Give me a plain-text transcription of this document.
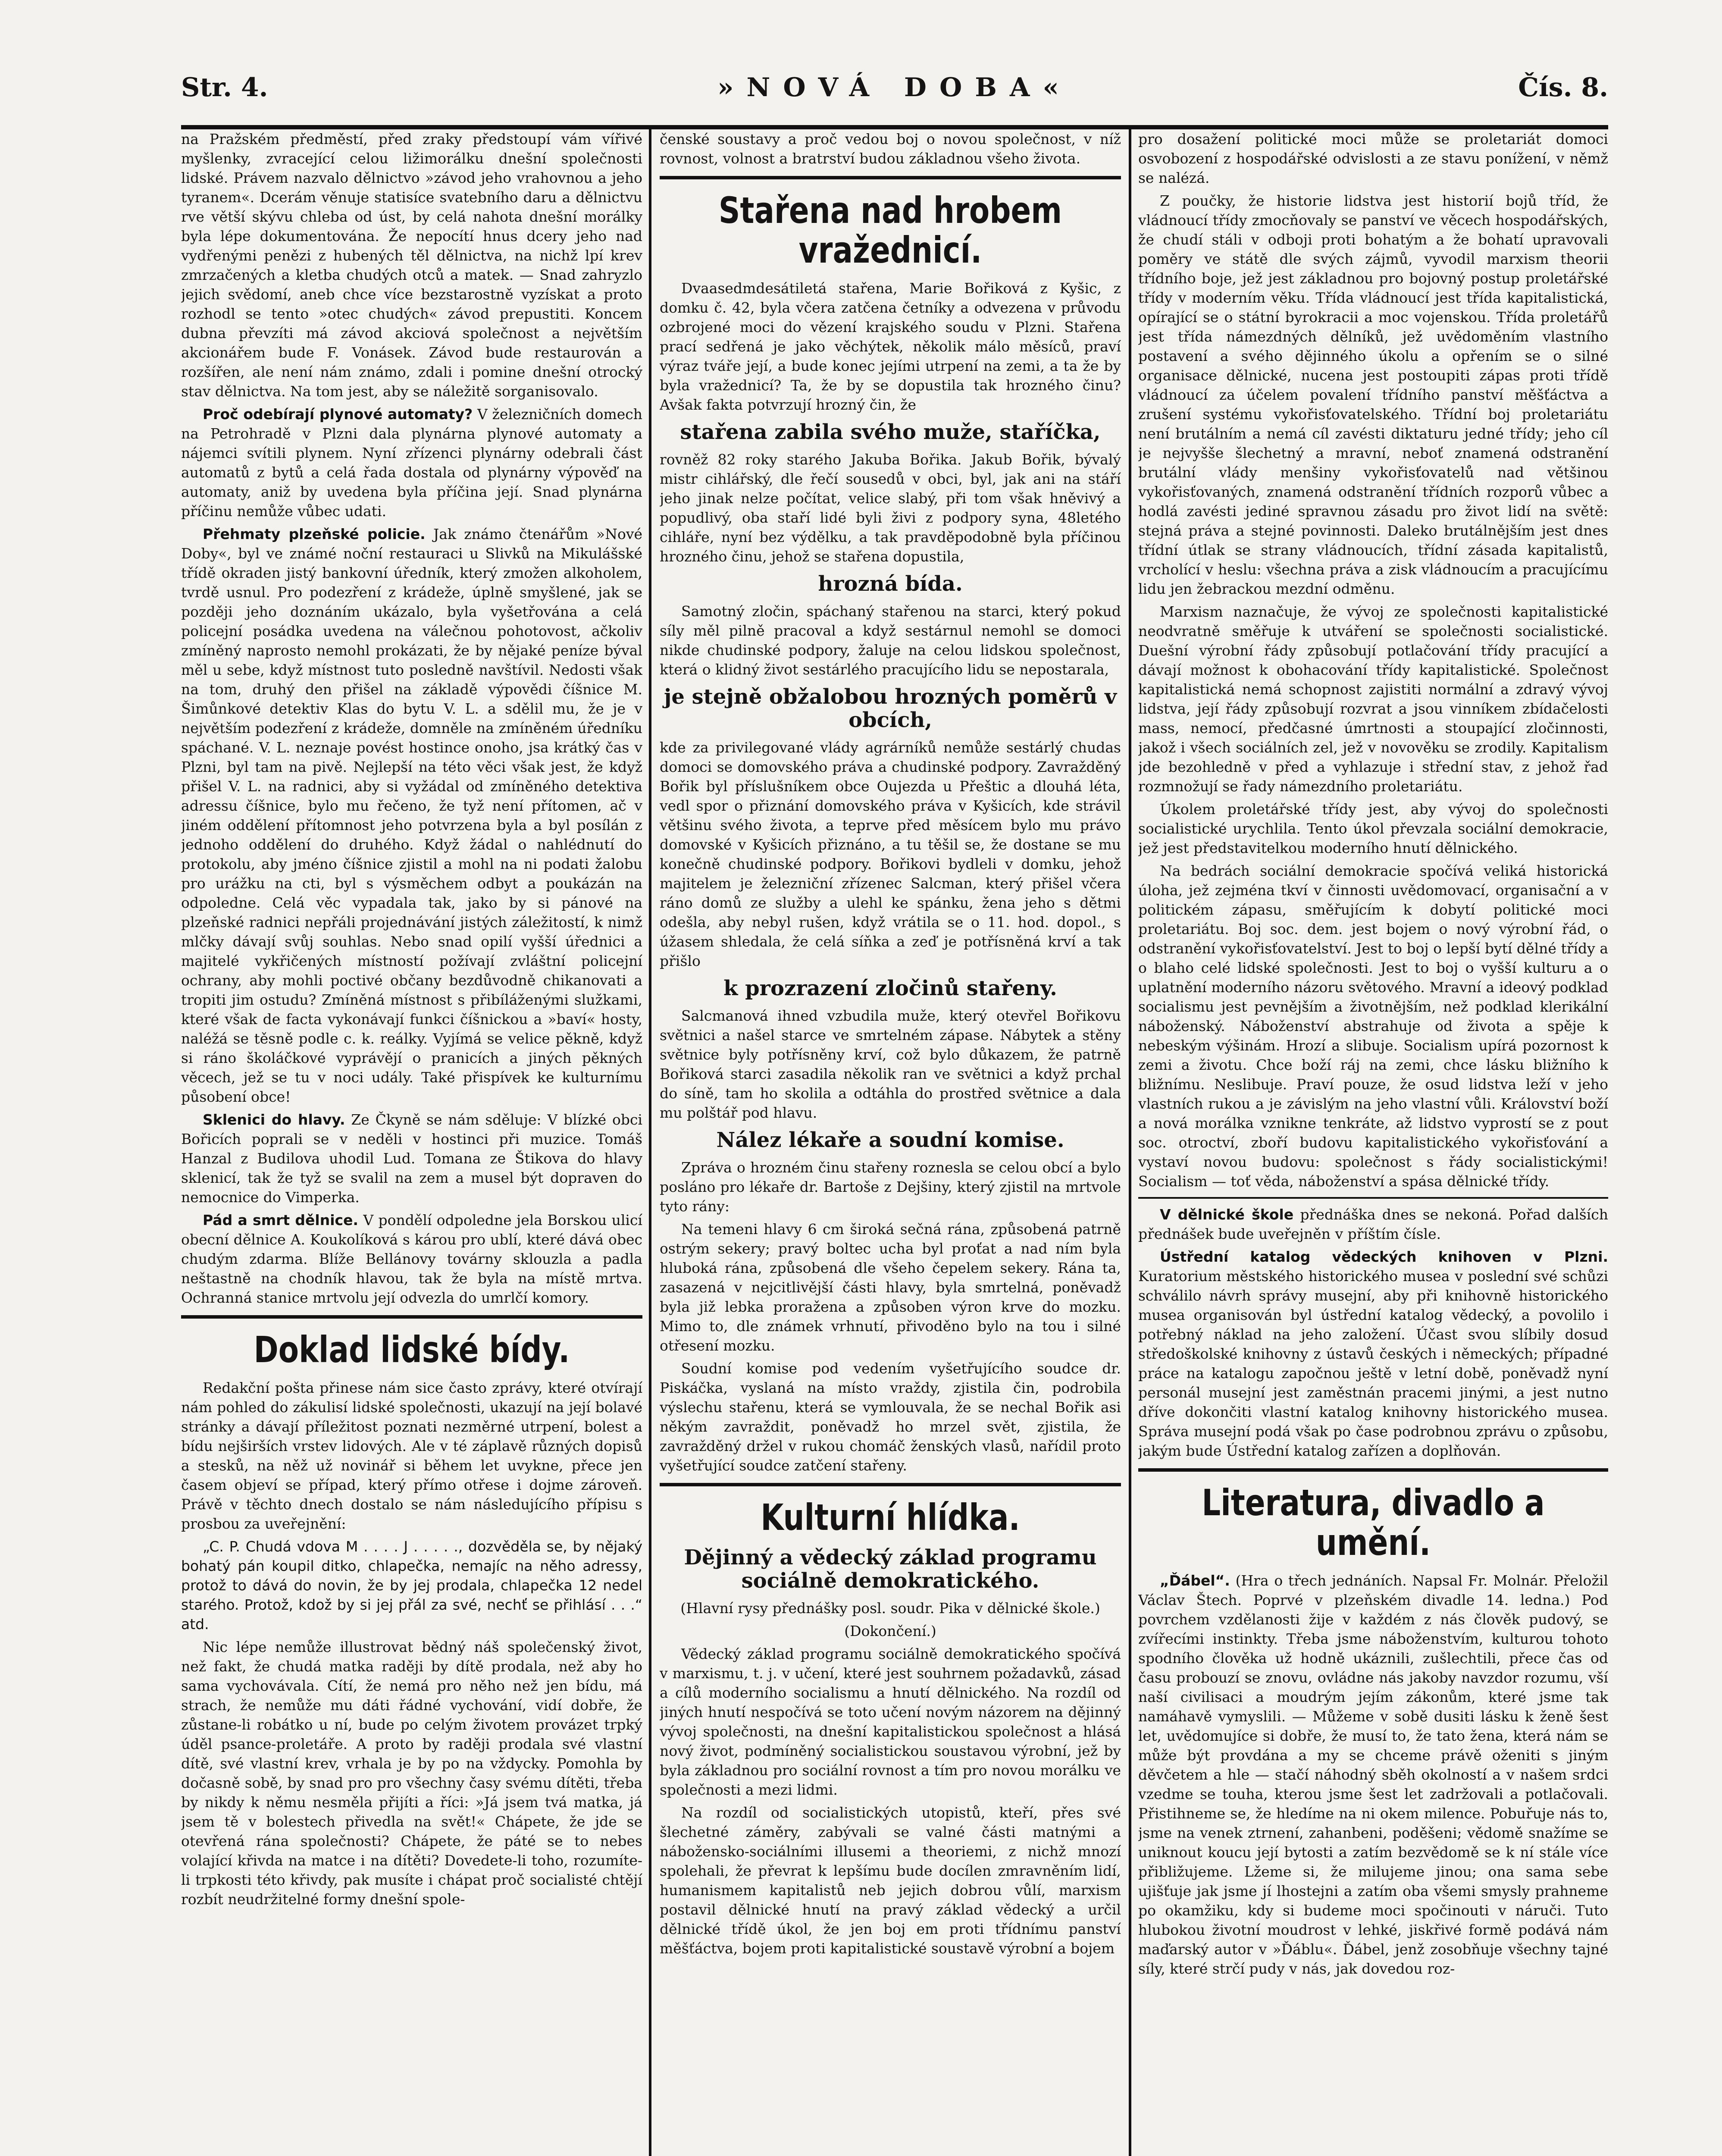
Str. 4.	»NOVÁ DOBA«	Čís. 8.

na Pražském předměstí, před zraky předstoupí vám vířivé myšlenky, zvracející celou ližimorálku dnešní společnosti lidské. Právem nazvalo dělnictvo »závod jeho vrahovnou a jeho tyranem«. Dcerám věnuje statisíce svatebního daru a dělnictvu rve větší skývu chleba od úst, by celá nahota dnešní morálky byla lépe dokumentována. Že nepocítí hnus dcery jeho nad vydřenými penězi z hubených těl dělnictva, na nichž lpí krev zmrzačených a kletba chudých otců a matek. — Snad zahryzlo jejich svědomí, aneb chce více bezstarostně vyzískat a proto rozhodl se tento »otec chudých« závod prepustiti. Koncem dubna převzíti má závod akciová společnost a největším akcionářem bude F. Vonásek. Závod bude restaurován a rozšířen, ale není nám známo, zdali i pomine dnešní otrocký stav dělnictva. Na tom jest, aby se náležitě sorganisovalo.

Proč odebírají plynové automaty? V železničních domech na Petrohradě v Plzni dala plynárna plynové automaty a nájemci svítili plynem. Nyní zřízenci plynárny odebrali část automatů z bytů a celá řada dostala od plynárny výpověď na automaty, aniž by uvedena byla příčina její. Snad plynárna příčinu nemůže vůbec udati.

Přehmaty plzeňské policie. Jak známo čtenářům »Nové Doby«, byl ve známé noční restauraci u Slivků na Mikulášské třídě okraden jistý bankovní úředník, který zmožen alkoholem, tvrdě usnul. Pro podezření z krádeže, úplně smyšlené, jak se později jeho doznáním ukázalo, byla vyšetřována a celá policejní posádka uvedena na válečnou pohotovost, ačkoliv zmíněný naprosto nemohl prokázati, že by nějaké peníze býval měl u sebe, když místnost tuto posledně navštívil. Nedosti však na tom, druhý den přišel na základě výpovědi číšnice M. Šimůnkové detektiv Klas do bytu V. L. a sdělil mu, že je v největším podezření z krádeže, domněle na zmíněném úředníku spáchané. V. L. neznaje povést hostince onoho, jsa krátký čas v Plzni, byl tam na pivě. Nejlepší na této věci však jest, že když přišel V. L. na radnici, aby si vyžádal od zmíněného detektiva adressu číšnice, bylo mu řečeno, že tyž není přítomen, ač v jiném oddělení přítomnost jeho potvrzena byla a byl posílán z jednoho oddělení do druhého. Když žádal o nahlédnutí do protokolu, aby jméno číšnice zjistil a mohl na ni podati žalobu pro urážku na cti, byl s výsměchem odbyt a poukázán na odpoledne. Celá věc vypadala tak, jako by si pánové na plzeňské radnici nepřáli projednávání jistých záležitostí, k nimž mlčky dávají svůj souhlas. Nebo snad opilí vyšší úřednici a majitelé vykřičených místností požívají zvláštní policejní ochrany, aby mohli poctivé občany bezdůvodně chikanovati a tropiti jim ostudu? Zmíněná místnost s přibíláženými služkami, které však de facta vykonávají funkci číšnickou a »baví« hosty, naléžá se těsně podle c. k. reálky. Vyjímá se velice pěkně, když si ráno školáčkové vyprávějí o pranicích a jiných pěkných věcech, jež se tu v noci udály. Také přispívek ke kulturnímu působení obce!

Sklenici do hlavy. Ze Čkyně se nám sděluje: V blízké obci Bořicích poprali se v neděli v hostinci při muzice. Tomáš Hanzal z Budilova uhodil Lud. Tomana ze Štikova do hlavy sklenicí, tak že tyž se svalil na zem a musel být dopraven do nemocnice do Vimperka.

Pád a smrt dělnice. V pondělí odpoledne jela Borskou ulicí obecní dělnice A. Koukolíková s károu pro ublí, které dává obec chudým zdarma. Blíže Bellánovy továrny sklouzla a padla neštastně na chodník hlavou, tak že byla na místě mrtva. Ochranná stanice mrtvolu její odvezla do umrlčí komory.

Doklad lidské bídy.

Redakční pošta přinese nám sice často zprávy, které otvírají nám pohled do zákulisí lidské společnosti, ukazují na její bolavé stránky a dávají příležitost poznati nezměrné utrpení, bolest a bídu nejširších vrstev lidových. Ale v té záplavě různých dopisů a stesků, na něž už novinář si během let uvykne, přece jen časem objeví se případ, který přímo otřese i dojme zároveň. Právě v těchto dnech dostalo se nám následujícího přípisu s prosbou za uveřejnění:

„C. P. Chudá vdova M . . . . J . . . . ., dozvěděla se, by nějaký bohatý pán koupil ditko, chlapečka, nemajíc na něho adressy, protož to dává do novin, že by jej prodala, chlapečka 12 nedel starého. Protož, kdož by si jej přál za své, nechť se přihlásí . . .“ atd.

Nic lépe nemůže illustrovat bědný náš společenský život, než fakt, že chudá matka raději by dítě prodala, než aby ho sama vychovávala. Cítí, že nemá pro něho než jen bídu, má strach, že nemůže mu dáti řádné vychování, vidí dobře, že zůstane-li robátko u ní, bude po celým životem provázet trpký úděl psance-proletáře. A proto by raději prodala své vlastní dítě, své vlastní krev, vrhala je by po na vždycky. Pomohla by dočasně sobě, by snad pro pro všechny časy svému dítěti, třeba by nikdy k němu nesměla přijíti a říci: »Já jsem tvá matka, já jsem tě v bolestech přivedla na svět!« Chápete, že jde se otevřená rána společnosti? Chápete, že páté se to nebes volající křivda na matce i na dítěti? Dovedete-li toho, rozumíte-li trpkosti této křivdy, pak musíte i chápat proč socialisté chtějí rozbít neudržitelné formy dnešní spole-

čenské soustavy a proč vedou boj o novou společnost, v níž rovnost, volnost a bratrství budou základnou všeho života.

Stařena nad hrobem vražednicí.

Dvaasedmdesátiletá stařena, Marie Bořiková z Kyšic, z domku č. 42, byla včera zatčena četníky a odvezena v průvodu ozbrojené moci do vězení krajského soudu v Plzni. Stařena prací sedřená je jako věchýtek, několik málo měsíců, praví výraz tváře její, a bude konec jejími utrpení na zemi, a ta že by byla vražednicí? Ta, že by se dopustila tak hrozného činu? Avšak fakta potvrzují hrozný čin, že

stařena zabila svého muže, staříčka,

rovněž 82 roky starého Jakuba Bořika. Jakub Bořik, bývalý mistr cihlářský, dle řečí sousedů v obci, byl, jak ani na stáří jeho jinak nelze počítat, velice slabý, při tom však hněvivý a popudlivý, oba staří lidé byli živi z podpory syna, 48letého cihláře, nyní bez výdělku, a tak pravděpodobně byla příčinou hrozného činu, jehož se stařena dopustila,

hrozná bída.

Samotný zločin, spáchaný stařenou na starci, který pokud síly měl pilně pracoval a když sestárnul nemohl se domoci nikde chudinské podpory, žaluje na celou lidskou společnost, která o klidný život sestárlého pracujícího lidu se nepostarala,

je stejně obžalobou hrozných poměrů v obcích,

kde za privilegované vlády agrárníků nemůže sestárlý chudas domoci se domovského práva a chudinské podpory. Zavražděný Bořik byl příslušníkem obce Oujezda u Přeštic a dlouhá léta, vedl spor o přiznání domovského práva v Kyšicích, kde strávil většinu svého života, a teprve před měsícem bylo mu právo domovské v Kyšicích přiznáno, a tu těšil se, že dostane se mu konečně chudinské podpory. Bořikovi bydleli v domku, jehož majitelem je železniční zřízenec Salcman, který přišel včera ráno domů ze služby a ulehl ke spánku, žena jeho s dětmi odešla, aby nebyl rušen, když vrátila se o 11. hod. dopol., s úžasem shledala, že celá síňka a zeď je potřísněná krví a tak přišlo

k prozrazení zločinů stařeny.

Salcmanová ihned vzbudila muže, který otevřel Bořikovu světnici a našel starce ve smrtelném zápase. Nábytek a stěny světnice byly potřísněny krví, což bylo důkazem, že patrně Bořiková starci zasadila několik ran ve světnici a když prchal do síně, tam ho skolila a odtáhla do prostřed světnice a dala mu polštář pod hlavu.

Nález lékaře a soudní komise.

Zpráva o hrozném činu stařeny roznesla se celou obcí a bylo posláno pro lékaře dr. Bartoše z Dejšiny, který zjistil na mrtvole tyto rány:

Na temeni hlavy 6 cm široká sečná rána, způsobená patrně ostrým sekery; pravý boltec ucha byl proťat a nad ním byla hluboká rána, způsobená dle všeho čepelem sekery. Rána ta, zasazená v nejcitlivější části hlavy, byla smrtelná, poněvadž byla již lebka proražena a způsoben výron krve do mozku. Mimo to, dle známek vrhnutí, přivoděno bylo na tou i silné otřesení mozku.

Soudní komise pod vedením vyšetřujícího soudce dr. Piskáčka, vyslaná na místo vraždy, zjistila čin, podrobila výslechu stařenu, která se vymlouvala, že se nechal Bořik asi někým zavraždit, poněvadž ho mrzel svět, zjistila, že zavražděný držel v rukou chomáč ženských vlasů, nařídil proto vyšetřující soudce zatčení stařeny.

Kulturní hlídka.
Dějinný a vědecký základ programu sociálně demokratického.
(Hlavní rysy přednášky posl. soudr. Pika v dělnické škole.)
(Dokončení.)

Vědecký základ programu sociálně demokratického spočívá v marxismu, t. j. v učení, které jest souhrnem požadavků, zásad a cílů moderního socialismu a hnutí dělnického. Na rozdíl od jiných hnutí nespočívá se toto učení novým názorem na dějinný vývoj společnosti, na dnešní kapitalistickou společnost a hlásá nový život, podmíněný socialistickou soustavou výrobní, jež by byla základnou pro sociální rovnost a tím pro novou morálku ve společnosti a mezi lidmi.

Na rozdíl od socialistických utopistů, kteří, přes své šlechetné záměry, zabývali se valné části matnými a nábožensko-sociálními illusemi a theoriemi, z nichž mnozí spolehali, že převrat k lepšímu bude docílen zmravněním lidí, humanismem kapitalistů neb jejich dobrou vůlí, marxism postavil dělnické hnutí na pravý základ vědecký a určil dělnické třídě úkol, že jen boj em proti třídnímu panství měšťáctva, bojem proti kapitalistické soustavě výrobní a bojem

pro dosažení politické moci může se proletariát domoci osvobození z hospodářské odvislosti a ze stavu ponížení, v němž se nalézá.

Z poučky, že historie lidstva jest historií bojů tříd, že vládnoucí třídy zmocňovaly se panství ve věcech hospodářských, že chudí stáli v odboji proti bohatým a že bohatí upravovali poměry ve státě dle svých zájmů, vyvodil marxism theorii třídního boje, jež jest základnou pro bojovný postup proletářské třídy v moderním věku. Třída vládnoucí jest třída kapitalistická, opírající se o státní byrokracii a moc vojenskou. Třída proletářů jest třída námezdných dělníků, jež uvědoměním vlastního postavení a svého dějinného úkolu a opřením se o silné organisace dělnické, nucena jest postoupiti zápas proti třídě vládnoucí za účelem povalení třídního panství měšťáctva a zrušení systému vykořisťovatelského. Třídní boj proletariátu není brutálním a nemá cíl zavésti diktaturu jedné třídy; jeho cíl je nejvyšše šlechetný a mravní, neboť znamená odstranění brutální vlády menšiny vykořisťovatelů nad většinou vykořisťovaných, znamená odstranění třídních rozporů vůbec a hodlá zavésti jediné spravnou zásadu pro život lidí na světě: stejná práva a stejné povinnosti. Daleko brutálnějším jest dnes třídní útlak se strany vládnoucích, třídní zásada kapitalistů, vrcholící v heslu: všechna práva a zisk vládnoucím a pracujícímu lidu jen žebrackou mezdní odměnu.

Marxism naznačuje, že vývoj ze společnosti kapitalistické neodvratně směřuje k utváření se společnosti socialistické. Duešní výrobní řády způsobují potlačování třídy pracující a dávají možnost k obohacování třídy kapitalistické. Společnost kapitalistická nemá schopnost zajistiti normální a zdravý vývoj lidstva, její řády způsobují rozvrat a jsou vinníkem zbídačelosti mass, nemocí, předčasné úmrtnosti a stoupající zločinnosti, jakož i všech sociálních zel, jež v novověku se zrodily. Kapitalism jde bezohledně v před a vyhlazuje i střední stav, z jehož řad rozmnožují se řady námezdního proletariátu.

Úkolem proletářské třídy jest, aby vývoj do společnosti socialistické urychlila. Tento úkol převzala sociální demokracie, jež jest představitelkou moderního hnutí dělnického.

Na bedrách sociální demokracie spočívá veliká historická úloha, jež zejména tkví v činnosti uvědomovací, organisační a v politickém zápasu, směřujícím k dobytí politické moci proletariátu. Boj soc. dem. jest bojem o nový výrobní řád, o odstranění vykořisťovatelství. Jest to boj o lepší bytí dělné třídy a o blaho celé lidské společnosti. Jest to boj o vyšší kulturu a o uplatnění moderního názoru světového. Mravní a ideový podklad socialismu jest pevnějším a životnějším, než podklad klerikální náboženský. Náboženství abstrahuje od života a spěje k nebeským výšinám. Hrozí a slibuje. Socialism upírá pozornost k zemi a životu. Chce boží ráj na zemi, chce lásku bližního k bližnímu. Neslibuje. Praví pouze, že osud lidstva leží v jeho vlastních rukou a je závislým na jeho vlastní vůli. Království boží a nová morálka vznikne tenkráte, až lidstvo vyprostí se z pout soc. otroctví, zboří budovu kapitalistického vykořisťování a vystaví novou budovu: společnost s řády socialistickými! Socialism — toť věda, náboženství a spása dělnické třídy.

V dělnické škole přednáška dnes se nekoná. Pořad dalších přednášek bude uveřejněn v příštím čísle.

Ústřední katalog vědeckých knihoven v Plzni. Kuratorium městského historického musea v poslední své schůzi schválilo návrh správy musejní, aby při knihovně historického musea organisován byl ústřední katalog vědecký, a povolilo i potřebný náklad na jeho založení. Účast svou slíbily dosud středoškolské knihovny z ústavů českých i německých; případné práce na katalogu započnou ještě v letní době, poněvadž nyní personál musejní jest zaměstnán pracemi jinými, a jest nutno dříve dokončiti vlastní katalog knihovny historického musea. Správa musejní podá však po čase podrobnou zprávu o způsobu, jakým bude Ústřední katalog zařízen a doplňován.

Literatura, divadlo a umění.

„Ďábel“. (Hra o třech jednáních. Napsal Fr. Molnár. Přeložil Václav Štech. Poprvé v plzeňském divadle 14. ledna.) Pod povrchem vzdělanosti žije v každém z nás člověk pudový, se zvířecími instinkty. Třeba jsme náboženstvím, kulturou tohoto spodního člověka už hodně ukáznili, zušlechtili, přece čas od času probouzí se znovu, ovládne nás jakoby navzdor rozumu, vší naší civilisaci a moudrým jejím zákonům, které jsme tak namáhavě vymyslili. — Můžeme v sobě dusiti lásku k ženě šest let, uvědomujíce si dobře, že musí to, že tato žena, která nám se může být provdána a my se chceme právě oženiti s jiným děvčetem a hle — stačí náhodný sběh okolností a v našem srdci vzedme se touha, kterou jsme šest let zadržovali a potlačovali. Přistihneme se, že hledíme na ni okem milence. Pobuřuje nás to, jsme na venek ztrnení, zahanbeni, poděšeni; vědomě snažíme se uniknout koucu její bytosti a zatím bezvědomě se k ní stále více přibližujeme. Lžeme si, že milujeme jinou; ona sama sebe ujišťuje jak jsme jí lhostejni a zatím oba všemi smysly prahneme po okamžiku, kdy si budeme moci spočinouti v náruči. Tuto hlubokou životní moudrost v lehké, jiskřivé formě podává nám maďarský autor v »Ďáblu«. Ďábel, jenž zosobňuje všechny tajné síly, které strčí pudy v nás, jak dovedou roz-
